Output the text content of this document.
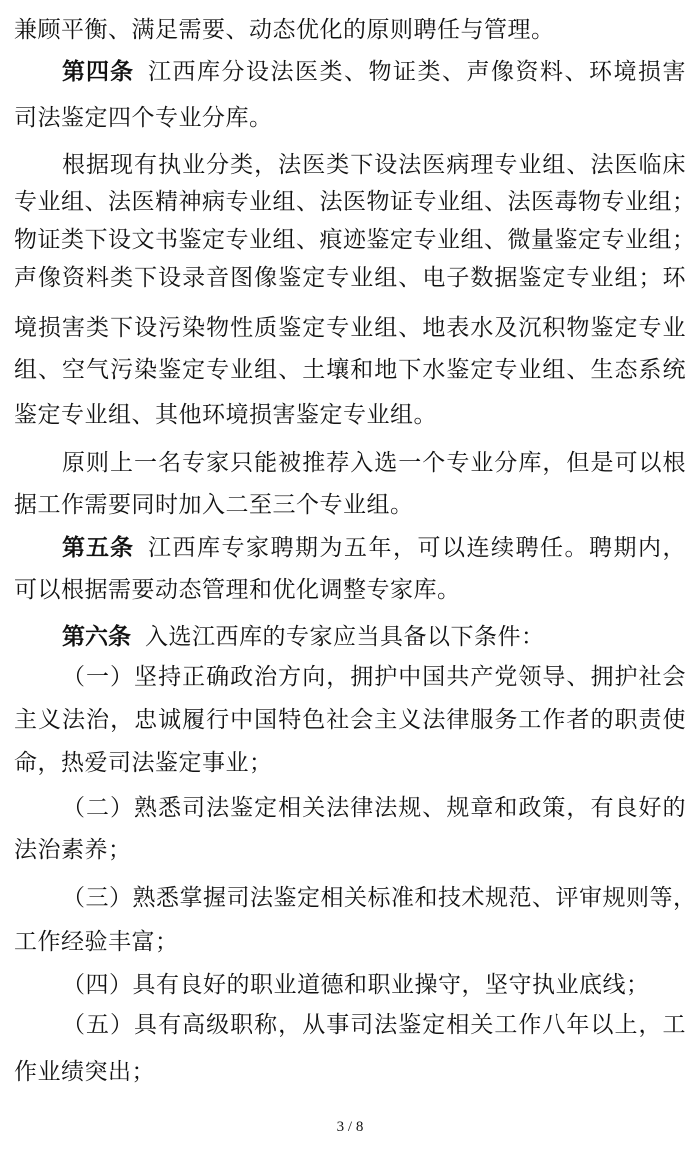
兼顾平衡、满足需要、动态优化的原则聘任与管理。
第四条 江西库分设法医类、物证类、声像资料、环境损害
司法鉴定四个专业分库。
根据现有执业分类，法医类下设法医病理专业组、法医临床
专业组、法医精神病专业组、法医物证专业组、法医毒物专业组；
物证类下设文书鉴定专业组、痕迹鉴定专业组、微量鉴定专业组；
声像资料类下设录音图像鉴定专业组、电子数据鉴定专业组；环
境损害类下设污染物性质鉴定专业组、地表水及沉积物鉴定专业
组、空气污染鉴定专业组、土壤和地下水鉴定专业组、生态系统
鉴定专业组、其他环境损害鉴定专业组。
原则上一名专家只能被推荐入选一个专业分库，但是可以根
据工作需要同时加入二至三个专业组。
第五条 江西库专家聘期为五年，可以连续聘任。聘期内，
可以根据需要动态管理和优化调整专家库。
第六条 入选江西库的专家应当具备以下条件：
（一）坚持正确政治方向，拥护中国共产党领导、拥护社会
主义法治，忠诚履行中国特色社会主义法律服务工作者的职责使
命，热爱司法鉴定事业；
（二）熟悉司法鉴定相关法律法规、规章和政策，有良好的
法治素养；
（三）熟悉掌握司法鉴定相关标准和技术规范、评审规则等，
工作经验丰富；
（四）具有良好的职业道德和职业操守，坚守执业底线；
（五）具有高级职称，从事司法鉴定相关工作八年以上，工
作业绩突出；
3 / 8
